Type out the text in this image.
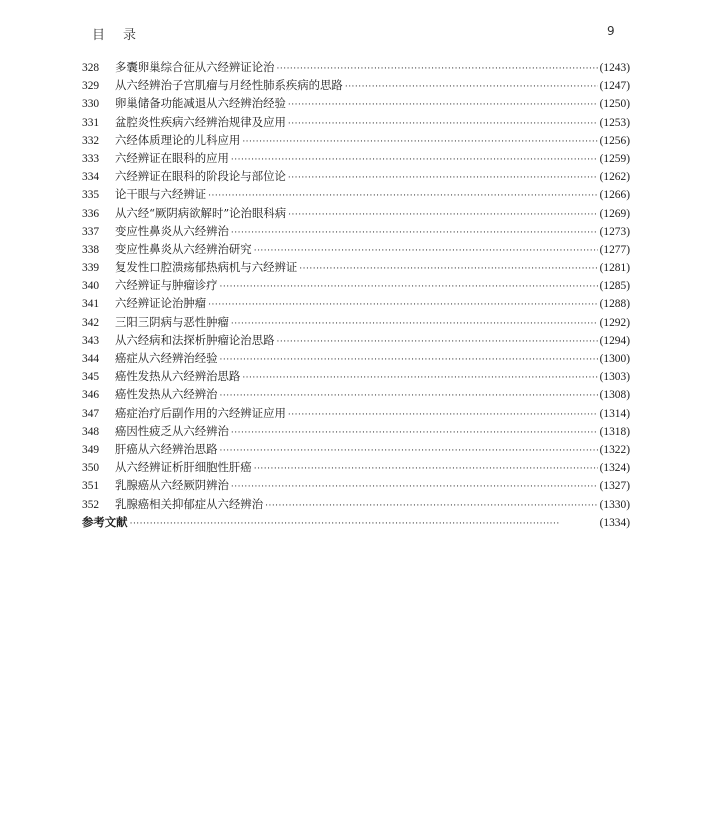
目录	9
328	多囊卵巢综合征从六经辨证论治 ·····	(1243)
329	从六经辨治子宫肌瘤与月经性肺系疾病的思路 ·····	(1247)
330	卵巢储备功能减退从六经辨治经验 ·····	(1250)
331	盆腔炎性疾病六经辨治规律及应用 ·····	(1253)
332	六经体质理论的儿科应用 ·····	(1256)
333	六经辨证在眼科的应用 ·····	(1259)
334	六经辨证在眼科的阶段论与部位论 ·····	(1262)
335	论干眼与六经辨证 ·····	(1266)
336	从六经“厥阴病欲解时”论治眼科病 ·····	(1269)
337	变应性鼻炎从六经辨治 ·····	(1273)
338	变应性鼻炎从六经辨治研究 ·····	(1277)
339	复发性口腔溃疡郁热病机与六经辨证 ·····	(1281)
340	六经辨证与肿瘤诊疗 ·····	(1285)
341	六经辨证论治肿瘤 ·····	(1288)
342	三阳三阴病与恶性肿瘤 ·····	(1292)
343	从六经病和法探析肿瘤论治思路 ·····	(1294)
344	癌症从六经辨治经验 ·····	(1300)
345	癌性发热从六经辨治思路 ·····	(1303)
346	癌性发热从六经辨治 ·····	(1308)
347	癌症治疗后副作用的六经辨证应用 ·····	(1314)
348	癌因性疲乏从六经辨治 ·····	(1318)
349	肝癌从六经辨治思路 ·····	(1322)
350	从六经辨证析肝细胞性肝癌 ·····	(1324)
351	乳腺癌从六经厥阴辨治 ·····	(1327)
352	乳腺癌相关抑郁症从六经辨治 ·····	(1330)
参考文献 ·····	(1334)
